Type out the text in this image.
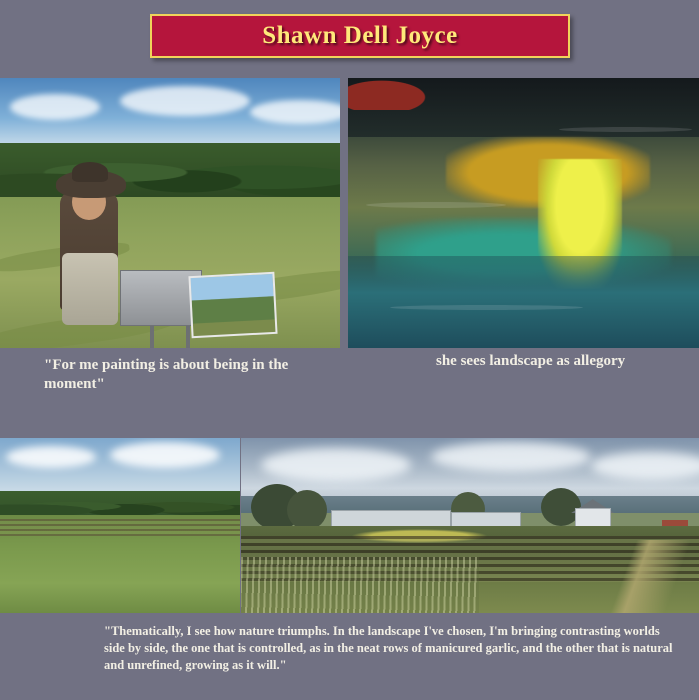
Shawn Dell Joyce
"For me painting is about being in the moment"
she sees landscape as allegory
"Thematically, I see how nature triumphs. In the landscape I've chosen, I'm bringing contrasting worlds side by side, the one that is controlled, as in the neat rows of manicured garlic, and the other that is natural and unrefined, growing as it will."
